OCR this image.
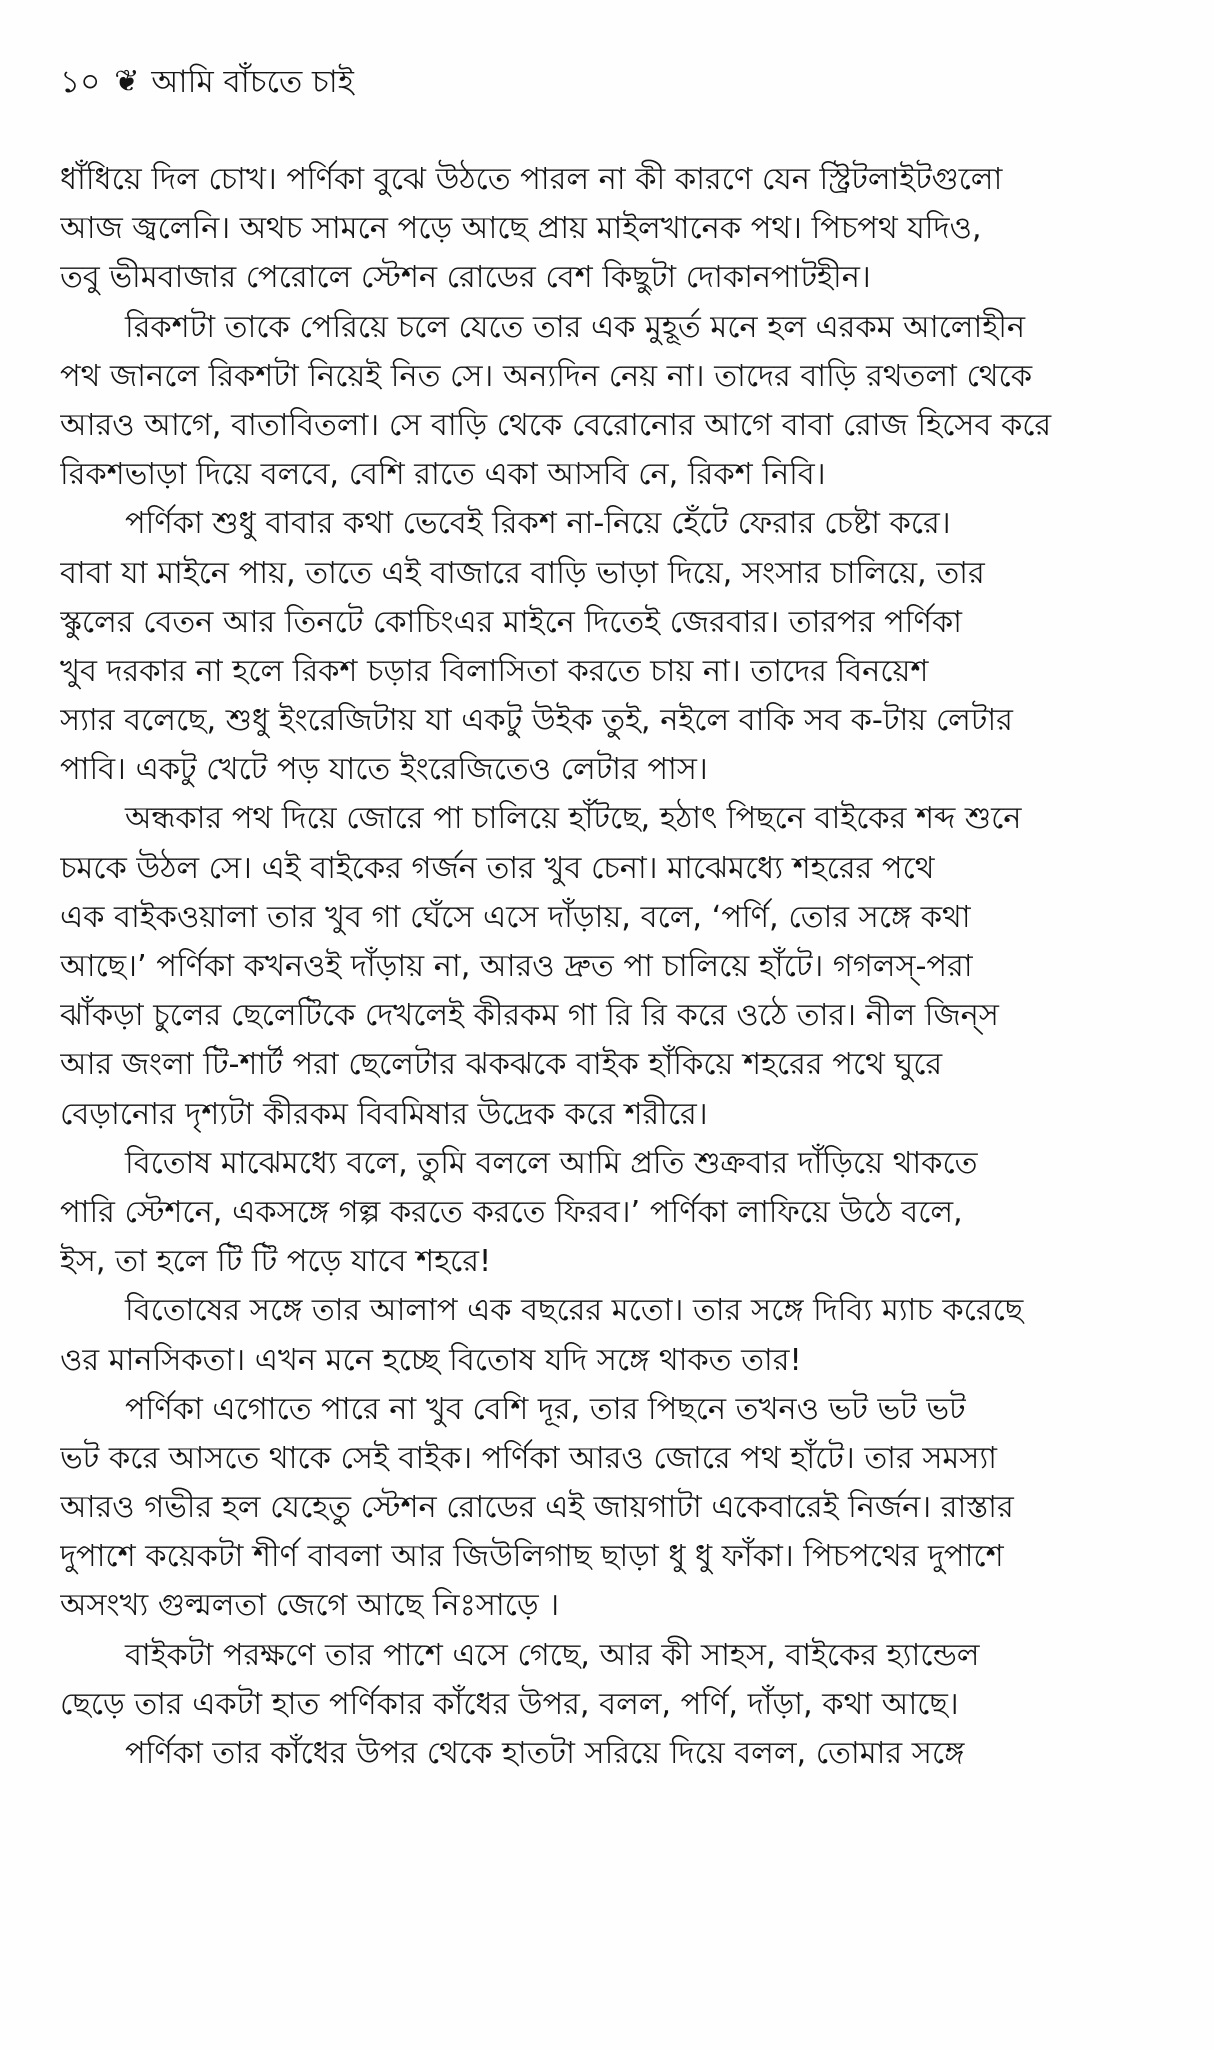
১০ ❦ আমি বাঁচতে চাই
ধাঁধিয়ে দিল চোখ। পর্ণিকা বুঝে উঠতে পারল না কী কারণে যেন স্ট্রিটলাইটগুলো
আজ জ্বলেনি। অথচ সামনে পড়ে আছে প্রায় মাইলখানেক পথ। পিচপথ যদিও,
তবু ভীমবাজার পেরোলে স্টেশন রোডের বেশ কিছুটা দোকানপাটহীন।
রিকশটা তাকে পেরিয়ে চলে যেতে তার এক মুহূর্ত মনে হল এরকম আলোহীন
পথ জানলে রিকশটা নিয়েই নিত সে। অন্যদিন নেয় না। তাদের বাড়ি রথতলা থেকে
আরও আগে, বাতাবিতলা। সে বাড়ি থেকে বেরোনোর আগে বাবা রোজ হিসেব করে
রিকশভাড়া দিয়ে বলবে, বেশি রাতে একা আসবি নে, রিকশ নিবি।
পর্ণিকা শুধু বাবার কথা ভেবেই রিকশ না-নিয়ে হেঁটে ফেরার চেষ্টা করে।
বাবা যা মাইনে পায়, তাতে এই বাজারে বাড়ি ভাড়া দিয়ে, সংসার চালিয়ে, তার
স্কুলের বেতন আর তিনটে কোচিংএর মাইনে দিতেই জেরবার। তারপর পর্ণিকা
খুব দরকার না হলে রিকশ চড়ার বিলাসিতা করতে চায় না। তাদের বিনয়েশ
স্যার বলেছে, শুধু ইংরেজিটায় যা একটু উইক তুই, নইলে বাকি সব ক-টায় লেটার
পাবি। একটু খেটে পড় যাতে ইংরেজিতেও লেটার পাস।
অন্ধকার পথ দিয়ে জোরে পা চালিয়ে হাঁটছে, হঠাৎ পিছনে বাইকের শব্দ শুনে
চমকে উঠল সে। এই বাইকের গর্জন তার খুব চেনা। মাঝেমধ্যে শহরের পথে
এক বাইকওয়ালা তার খুব গা ঘেঁসে এসে দাঁড়ায়, বলে, ‘পর্ণি, তোর সঙ্গে কথা
আছে।’ পর্ণিকা কখনওই দাঁড়ায় না, আরও দ্রুত পা চালিয়ে হাঁটে। গগলস্-পরা
ঝাঁকড়া চুলের ছেলেটিকে দেখলেই কীরকম গা রি রি করে ওঠে তার। নীল জিন্‌স
আর জংলা টি-শার্ট পরা ছেলেটার ঝকঝকে বাইক হাঁকিয়ে শহরের পথে ঘুরে
বেড়ানোর দৃশ্যটা কীরকম বিবমিষার উদ্রেক করে শরীরে।
বিতোষ মাঝেমধ্যে বলে, তুমি বললে আমি প্রতি শুক্রবার দাঁড়িয়ে থাকতে
পারি স্টেশনে, একসঙ্গে গল্প করতে করতে ফিরব।’ পর্ণিকা লাফিয়ে উঠে বলে,
ইস, তা হলে টি টি পড়ে যাবে শহরে!
বিতোষের সঙ্গে তার আলাপ এক বছরের মতো। তার সঙ্গে দিব্যি ম্যাচ করেছে
ওর মানসিকতা। এখন মনে হচ্ছে বিতোষ যদি সঙ্গে থাকত তার!
পর্ণিকা এগোতে পারে না খুব বেশি দূর, তার পিছনে তখনও ভট ভট ভট
ভট করে আসতে থাকে সেই বাইক। পর্ণিকা আরও জোরে পথ হাঁটে। তার সমস্যা
আরও গভীর হল যেহেতু স্টেশন রোডের এই জায়গাটা একেবারেই নির্জন। রাস্তার
দুপাশে কয়েকটা শীর্ণ বাবলা আর জিউলিগাছ ছাড়া ধু ধু ফাঁকা। পিচপথের দুপাশে
অসংখ্য গুল্মলতা জেগে আছে নিঃসাড়ে ।
বাইকটা পরক্ষণে তার পাশে এসে গেছে, আর কী সাহস, বাইকের হ্যান্ডেল
ছেড়ে তার একটা হাত পর্ণিকার কাঁধের উপর, বলল, পর্ণি, দাঁড়া, কথা আছে।
পর্ণিকা তার কাঁধের উপর থেকে হাতটা সরিয়ে দিয়ে বলল, তোমার সঙ্গে
